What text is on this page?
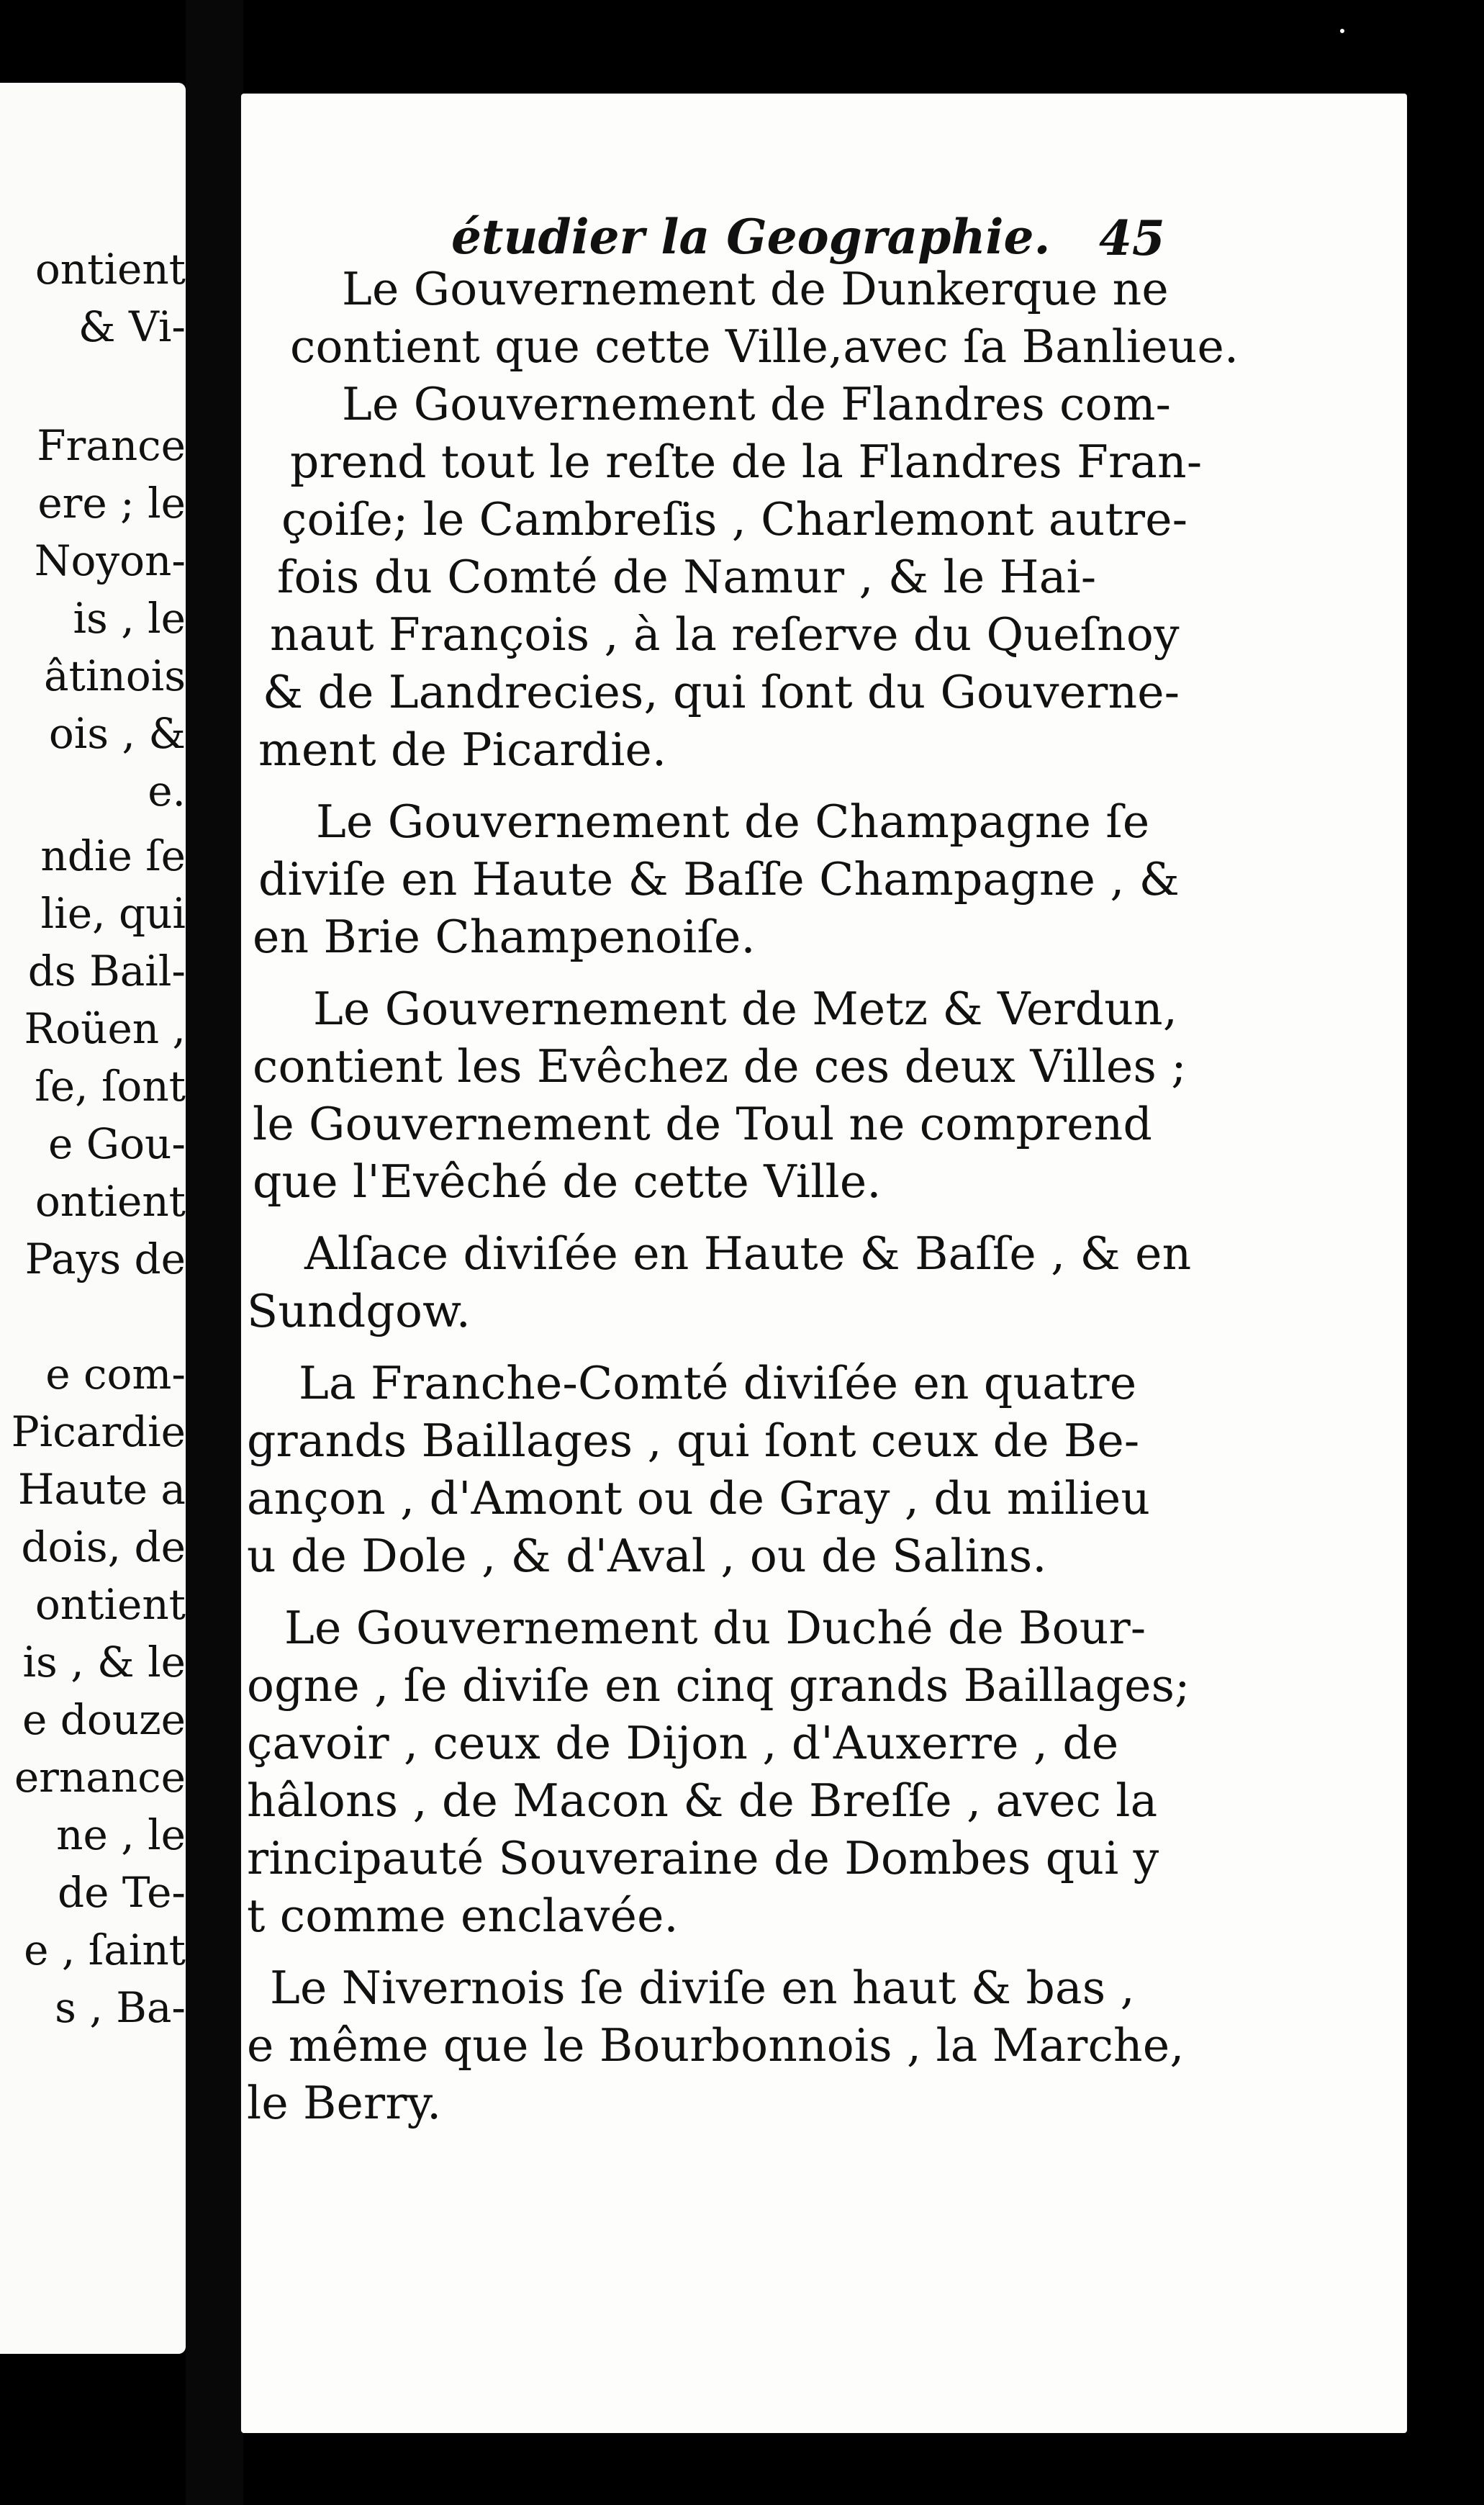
ontient
& Vi-
France
ere ; le
Noyon-
is , le
âtinois
ois , &
e.
ndie ſe
lie, qui
ds Bail-
Roüen ,
ſe, ſont
e Gou-
ontient
Pays de
e com-
Picardie
Haute a
dois, de
ontient
is , & le
e douze
ernance
ne , le
de Te-
e , ſaint
s , Ba-
étudier la Geographie. 45
Le Gouvernement de Dunkerque ne
contient que cette Ville,avec ſa Banlieue.
Le Gouvernement de Flandres com-
prend tout le reſte de la Flandres Fran-
çoiſe; le Cambreſis , Charlemont autre-
fois du Comté de Namur , & le Hai-
naut François , à la reſerve du Queſnoy
& de Landrecies, qui ſont du Gouverne-
ment de Picardie.
Le Gouvernement de Champagne ſe
diviſe en Haute & Baſſe Champagne , &
en Brie Champenoiſe.
Le Gouvernement de Metz & Verdun,
contient les Evêchez de ces deux Villes ;
le Gouvernement de Toul ne comprend
que l'Evêché de cette Ville.
Alſace diviſée en Haute & Baſſe , & en
Sundgow.
La Franche-Comté diviſée en quatre
grands Baillages , qui ſont ceux de Be-
ançon , d'Amont ou de Gray , du milieu
u de Dole , & d'Aval , ou de Salins.
Le Gouvernement du Duché de Bour-
ogne , ſe diviſe en cinq grands Baillages;
çavoir , ceux de Dijon , d'Auxerre , de
hâlons , de Macon & de Breſſe , avec la
rincipauté Souveraine de Dombes qui y
t comme enclavée.
Le Nivernois ſe diviſe en haut & bas ,
e même que le Bourbonnois , la Marche,
le Berry.
